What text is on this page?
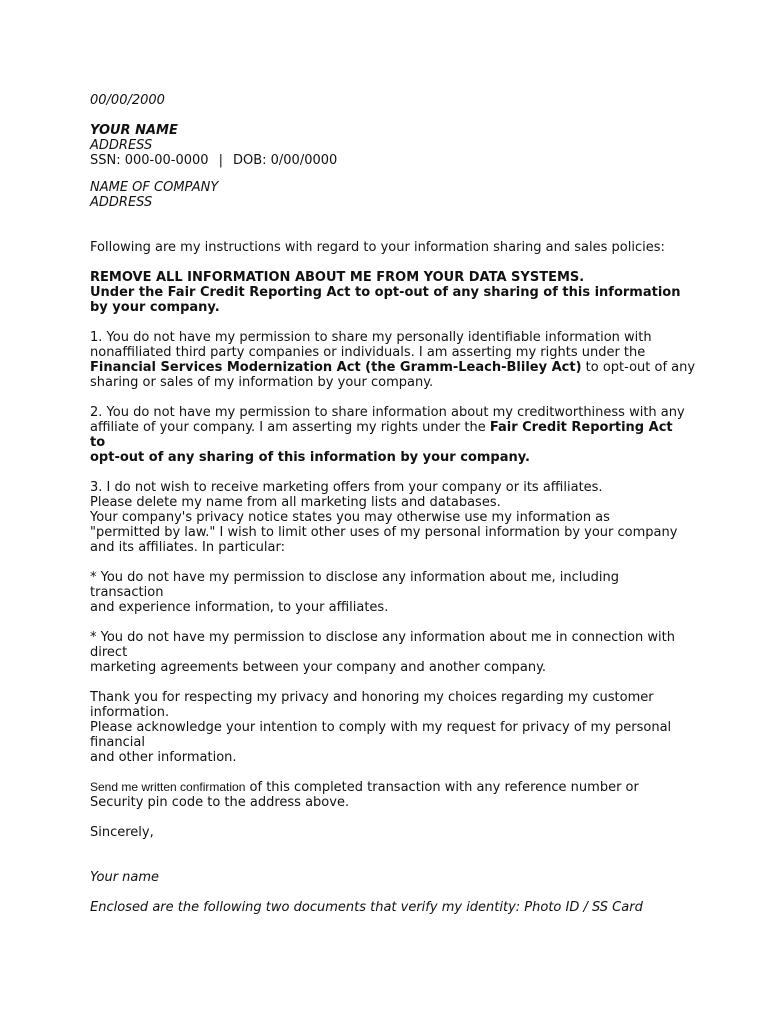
00/00/2000
YOUR NAME
ADDRESS
SSN: 000-00-0000 | DOB: 0/00/0000
NAME OF COMPANY
ADDRESS
Following are my instructions with regard to your information sharing and sales policies:
REMOVE ALL INFORMATION ABOUT ME FROM YOUR DATA SYSTEMS.
Under the Fair Credit Reporting Act to opt-out of any sharing of this information
by your company.
1. You do not have my permission to share my personally identifiable information with
nonaffiliated third party companies or individuals. I am asserting my rights under the
Financial Services Modernization Act (the Gramm-Leach-Bliley Act) to opt-out of any
sharing or sales of my information by your company.
2. You do not have my permission to share information about my creditworthiness with any
affiliate of your company. I am asserting my rights under the Fair Credit Reporting Act
to
opt-out of any sharing of this information by your company.
3. I do not wish to receive marketing offers from your company or its affiliates.
Please delete my name from all marketing lists and databases.
Your company's privacy notice states you may otherwise use my information as
"permitted by law." I wish to limit other uses of my personal information by your company
and its affiliates. In particular:
* You do not have my permission to disclose any information about me, including
transaction
and experience information, to your affiliates.
* You do not have my permission to disclose any information about me in connection with
direct
marketing agreements between your company and another company.
Thank you for respecting my privacy and honoring my choices regarding my customer
information.
Please acknowledge your intention to comply with my request for privacy of my personal
financial
and other information.
Send me written confirmation of this completed transaction with any reference number or
Security pin code to the address above.
Sincerely,
Your name
Enclosed are the following two documents that verify my identity: Photo ID / SS Card
